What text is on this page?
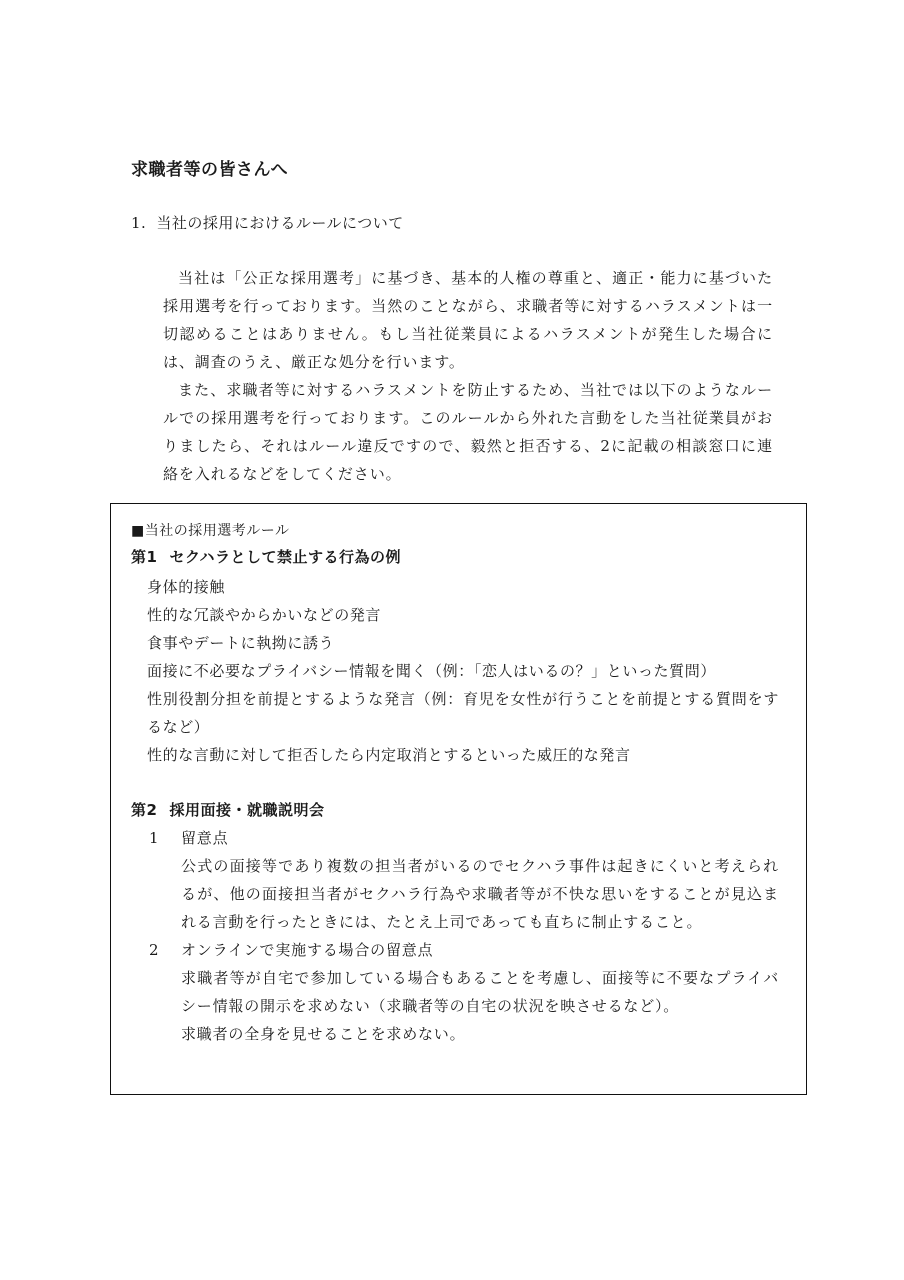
求職者等の皆さんへ
1. 当社の採用におけるルールについて

当社は「公正な採用選考」に基づき、基本的人権の尊重と、適正・能力に基づいた採用選考を行っております。当然のことながら、求職者等に対するハラスメントは一切認めることはありません。もし当社従業員によるハラスメントが発生した場合には、調査のうえ、厳正な処分を行います。

また、求職者等に対するハラスメントを防止するため、当社では以下のようなルールでの採用選考を行っております。このルールから外れた言動をした当社従業員がおりましたら、それはルール違反ですので、毅然と拒否する、2に記載の相談窓口に連絡を入れるなどをしてください。

■当社の採用選考ルール
第1 セクハラとして禁止する行為の例
身体的接触
性的な冗談やからかいなどの発言
食事やデートに執拗に誘う
面接に不必要なプライバシー情報を聞く（例：「恋人はいるの？」といった質問）
性別役割分担を前提とするような発言（例：育児を女性が行うことを前提とする質問をするなど）
性的な言動に対して拒否したら内定取消とするといった威圧的な発言
第2 採用面接・就職説明会
1	留意点
公式の面接等であり複数の担当者がいるのでセクハラ事件は起きにくいと考えられるが、他の面接担当者がセクハラ行為や求職者等が不快な思いをすることが見込まれる言動を行ったときには、たとえ上司であっても直ちに制止すること。
2	オンラインで実施する場合の留意点
求職者等が自宅で参加している場合もあることを考慮し、面接等に不要なプライバシー情報の開示を求めない（求職者等の自宅の状況を映させるなど）。
求職者の全身を見せることを求めない。
